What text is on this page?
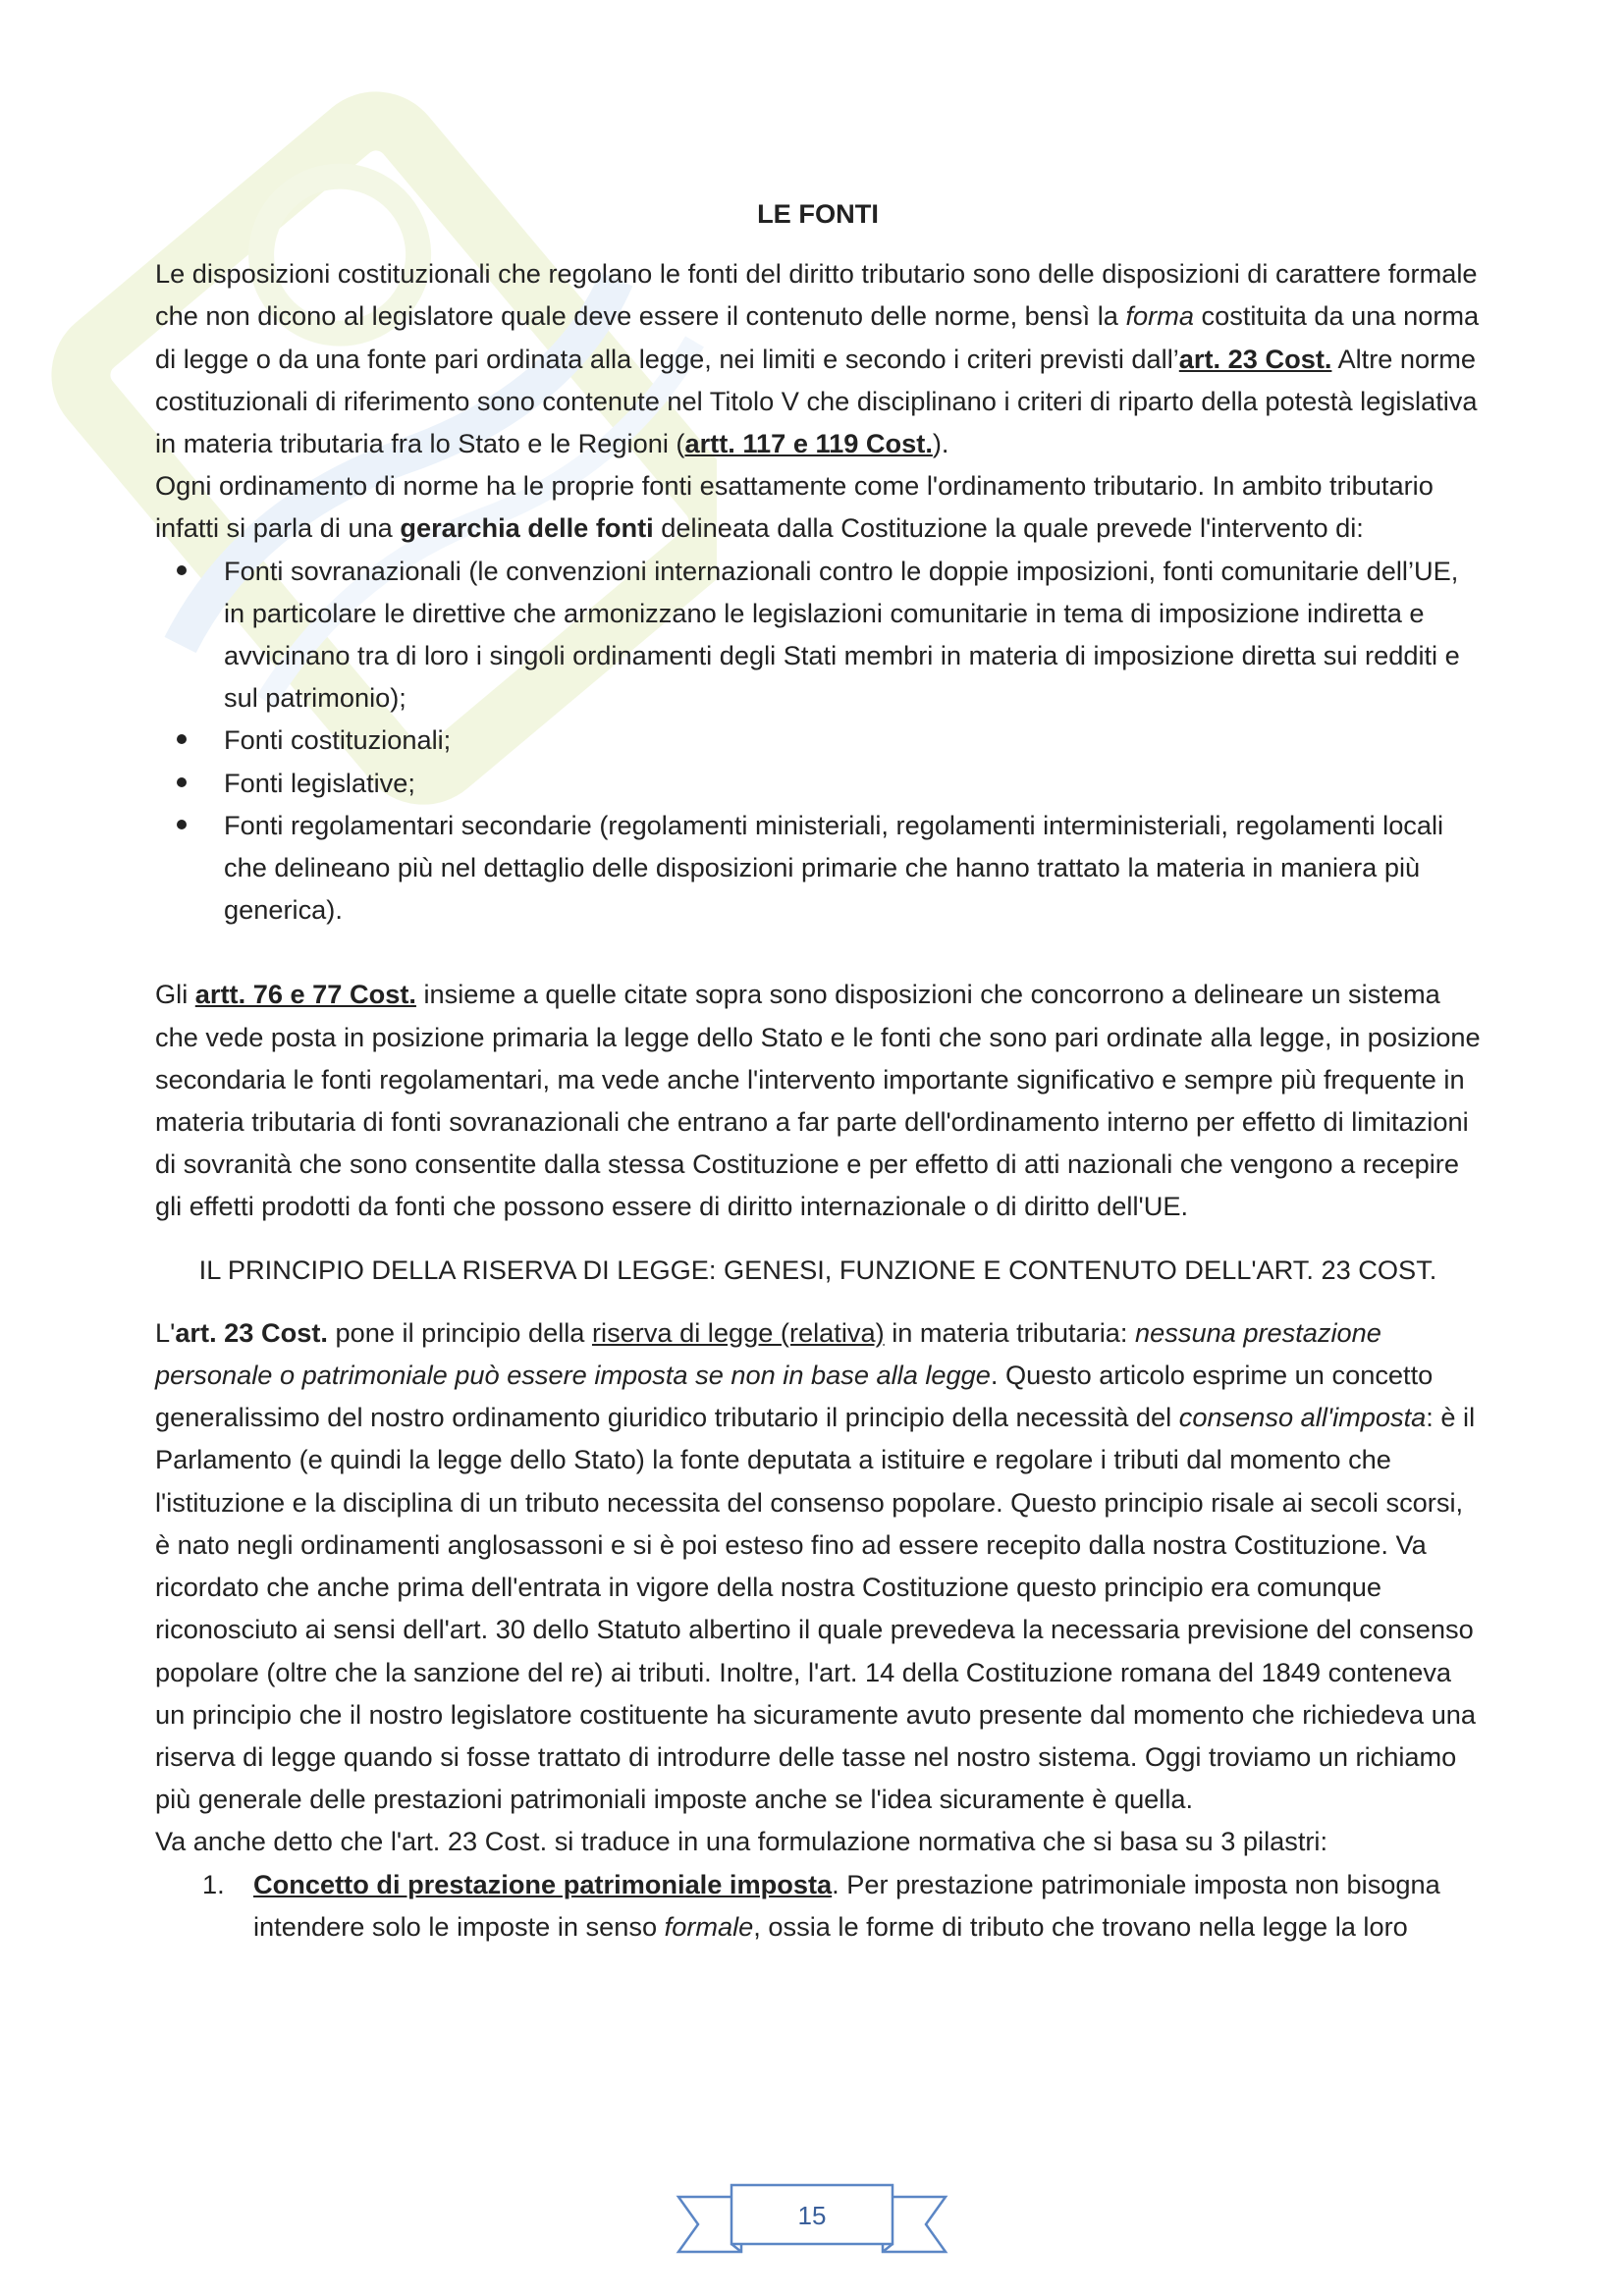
LE FONTI

Le disposizioni costituzionali che regolano le fonti del diritto tributario sono delle disposizioni di carattere formale che non dicono al legislatore quale deve essere il contenuto delle norme, bensì la forma costituita da una norma di legge o da una fonte pari ordinata alla legge, nei limiti e secondo i criteri previsti dall’art. 23 Cost. Altre norme costituzionali di riferimento sono contenute nel Titolo V che disciplinano i criteri di riparto della potestà legislativa in materia tributaria fra lo Stato e le Regioni (artt. 117 e 119 Cost.).

Ogni ordinamento di norme ha le proprie fonti esattamente come l'ordinamento tributario. In ambito tributario infatti si parla di una gerarchia delle fonti delineata dalla Costituzione la quale prevede l'intervento di:

Fonti sovranazionali (le convenzioni internazionali contro le doppie imposizioni, fonti comunitarie dell’UE, in particolare le direttive che armonizzano le legislazioni comunitarie in tema di imposizione indiretta e avvicinano tra di loro i singoli ordinamenti degli Stati membri in materia di imposizione diretta sui redditi e sul patrimonio);
Fonti costituzionali;
Fonti legislative;
Fonti regolamentari secondarie (regolamenti ministeriali, regolamenti interministeriali, regolamenti locali che delineano più nel dettaglio delle disposizioni primarie che hanno trattato la materia in maniera più generica).

Gli artt. 76 e 77 Cost. insieme a quelle citate sopra sono disposizioni che concorrono a delineare un sistema che vede posta in posizione primaria la legge dello Stato e le fonti che sono pari ordinate alla legge, in posizione secondaria le fonti regolamentari, ma vede anche l'intervento importante significativo e sempre più frequente in materia tributaria di fonti sovranazionali che entrano a far parte dell'ordinamento interno per effetto di limitazioni di sovranità che sono consentite dalla stessa Costituzione e per effetto di atti nazionali che vengono a recepire gli effetti prodotti da fonti che possono essere di diritto internazionale o di diritto dell'UE.

IL PRINCIPIO DELLA RISERVA DI LEGGE: GENESI, FUNZIONE E CONTENUTO DELL'ART. 23 COST.

L'art. 23 Cost. pone il principio della riserva di legge (relativa) in materia tributaria: nessuna prestazione personale o patrimoniale può essere imposta se non in base alla legge. Questo articolo esprime un concetto generalissimo del nostro ordinamento giuridico tributario il principio della necessità del consenso all'imposta: è il Parlamento (e quindi la legge dello Stato) la fonte deputata a istituire e regolare i tributi dal momento che l'istituzione e la disciplina di un tributo necessita del consenso popolare. Questo principio risale ai secoli scorsi, è nato negli ordinamenti anglosassoni e si è poi esteso fino ad essere recepito dalla nostra Costituzione. Va ricordato che anche prima dell'entrata in vigore della nostra Costituzione questo principio era comunque riconosciuto ai sensi dell'art. 30 dello Statuto albertino il quale prevedeva la necessaria previsione del consenso popolare (oltre che la sanzione del re) ai tributi. Inoltre, l'art. 14 della Costituzione romana del 1849 conteneva un principio che il nostro legislatore costituente ha sicuramente avuto presente dal momento che richiedeva una riserva di legge quando si fosse trattato di introdurre delle tasse nel nostro sistema. Oggi troviamo un richiamo più generale delle prestazioni patrimoniali imposte anche se l'idea sicuramente è quella.

Va anche detto che l'art. 23 Cost. si traduce in una formulazione normativa che si basa su 3 pilastri:

1. Concetto di prestazione patrimoniale imposta. Per prestazione patrimoniale imposta non bisogna intendere solo le imposte in senso formale, ossia le forme di tributo che trovano nella legge la loro
15
